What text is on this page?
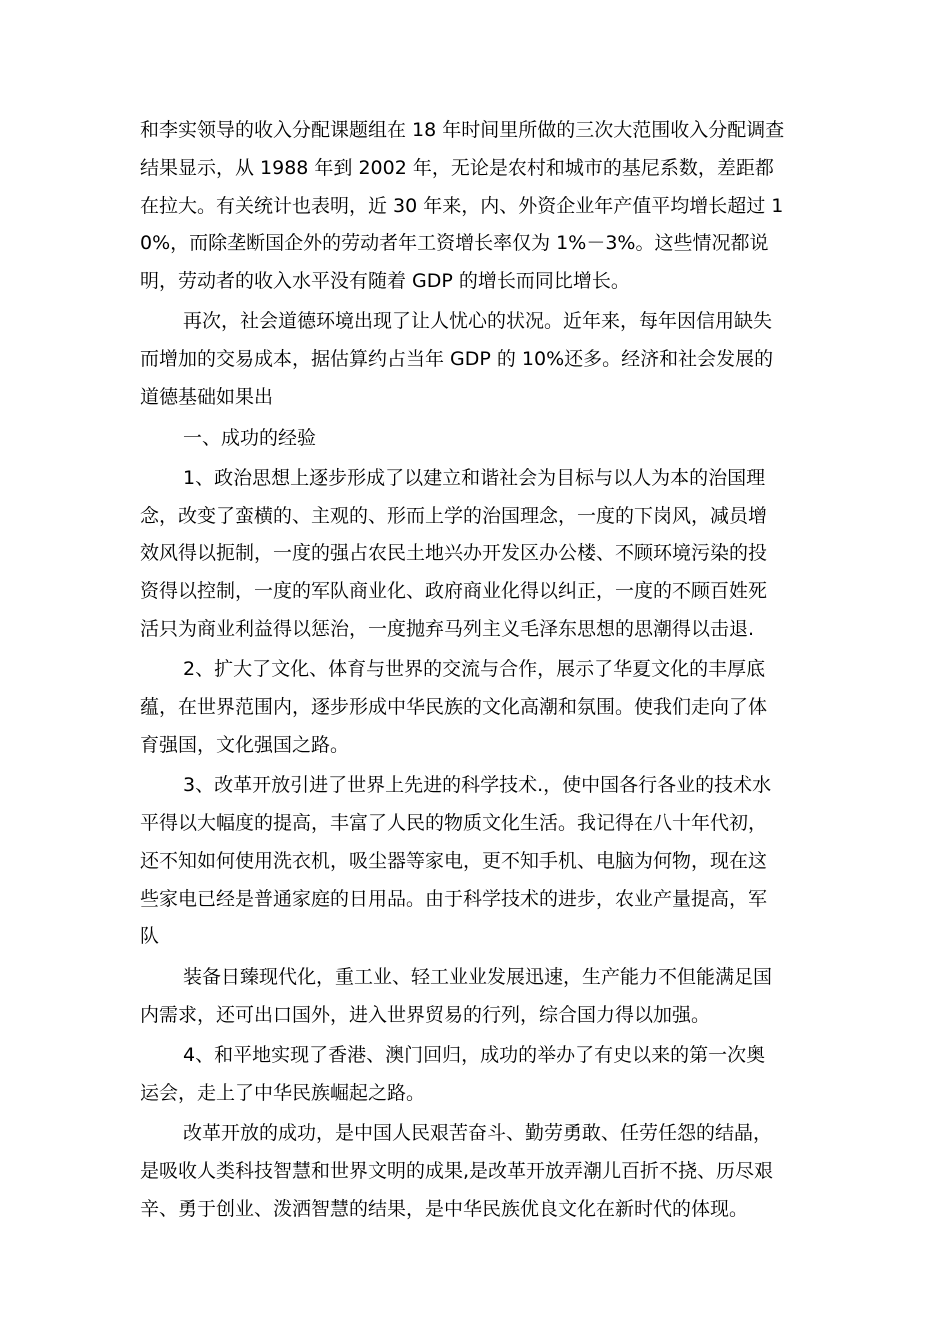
和李实领导的收入分配课题组在 18 年时间里所做的三次大范围收入分配调查
结果显示，从 1988 年到 2002 年，无论是农村和城市的基尼系数，差距都
在拉大。有关统计也表明，近 30 年来，内、外资企业年产值平均增长超过 1
0%，而除垄断国企外的劳动者年工资增长率仅为 1%－3%。这些情况都说
明，劳动者的收入水平没有随着 GDP 的增长而同比增长。
再次，社会道德环境出现了让人忧心的状况。近年来，每年因信用缺失
而增加的交易成本，据估算约占当年 GDP 的 10%还多。经济和社会发展的
道德基础如果出
一、成功的经验
1、政治思想上逐步形成了以建立和谐社会为目标与以人为本的治国理
念，改变了蛮横的、主观的、形而上学的治国理念，一度的下岗风，减员增
效风得以扼制，一度的强占农民土地兴办开发区办公楼、不顾环境污染的投
资得以控制，一度的军队商业化、政府商业化得以纠正，一度的不顾百姓死
活只为商业利益得以惩治，一度抛弃马列主义毛泽东思想的思潮得以击退.
2、扩大了文化、体育与世界的交流与合作，展示了华夏文化的丰厚底
蕴，在世界范围内，逐步形成中华民族的文化高潮和氛围。使我们走向了体
育强国，文化强国之路。
3、改革开放引进了世界上先进的科学技术.，使中国各行各业的技术水
平得以大幅度的提高，丰富了人民的物质文化生活。我记得在八十年代初，
还不知如何使用洗衣机，吸尘器等家电，更不知手机、电脑为何物，现在这
些家电已经是普通家庭的日用品。由于科学技术的进步，农业产量提高，军
队
装备日臻现代化，重工业、轻工业业发展迅速，生产能力不但能满足国
内需求，还可出口国外，进入世界贸易的行列，综合国力得以加强。
4、和平地实现了香港、澳门回归，成功的举办了有史以来的第一次奥
运会，走上了中华民族崛起之路。
改革开放的成功，是中国人民艰苦奋斗、勤劳勇敢、任劳任怨的结晶，
是吸收人类科技智慧和世界文明的成果,是改革开放弄潮儿百折不挠、历尽艰
辛、勇于创业、泼洒智慧的结果，是中华民族优良文化在新时代的体现。
